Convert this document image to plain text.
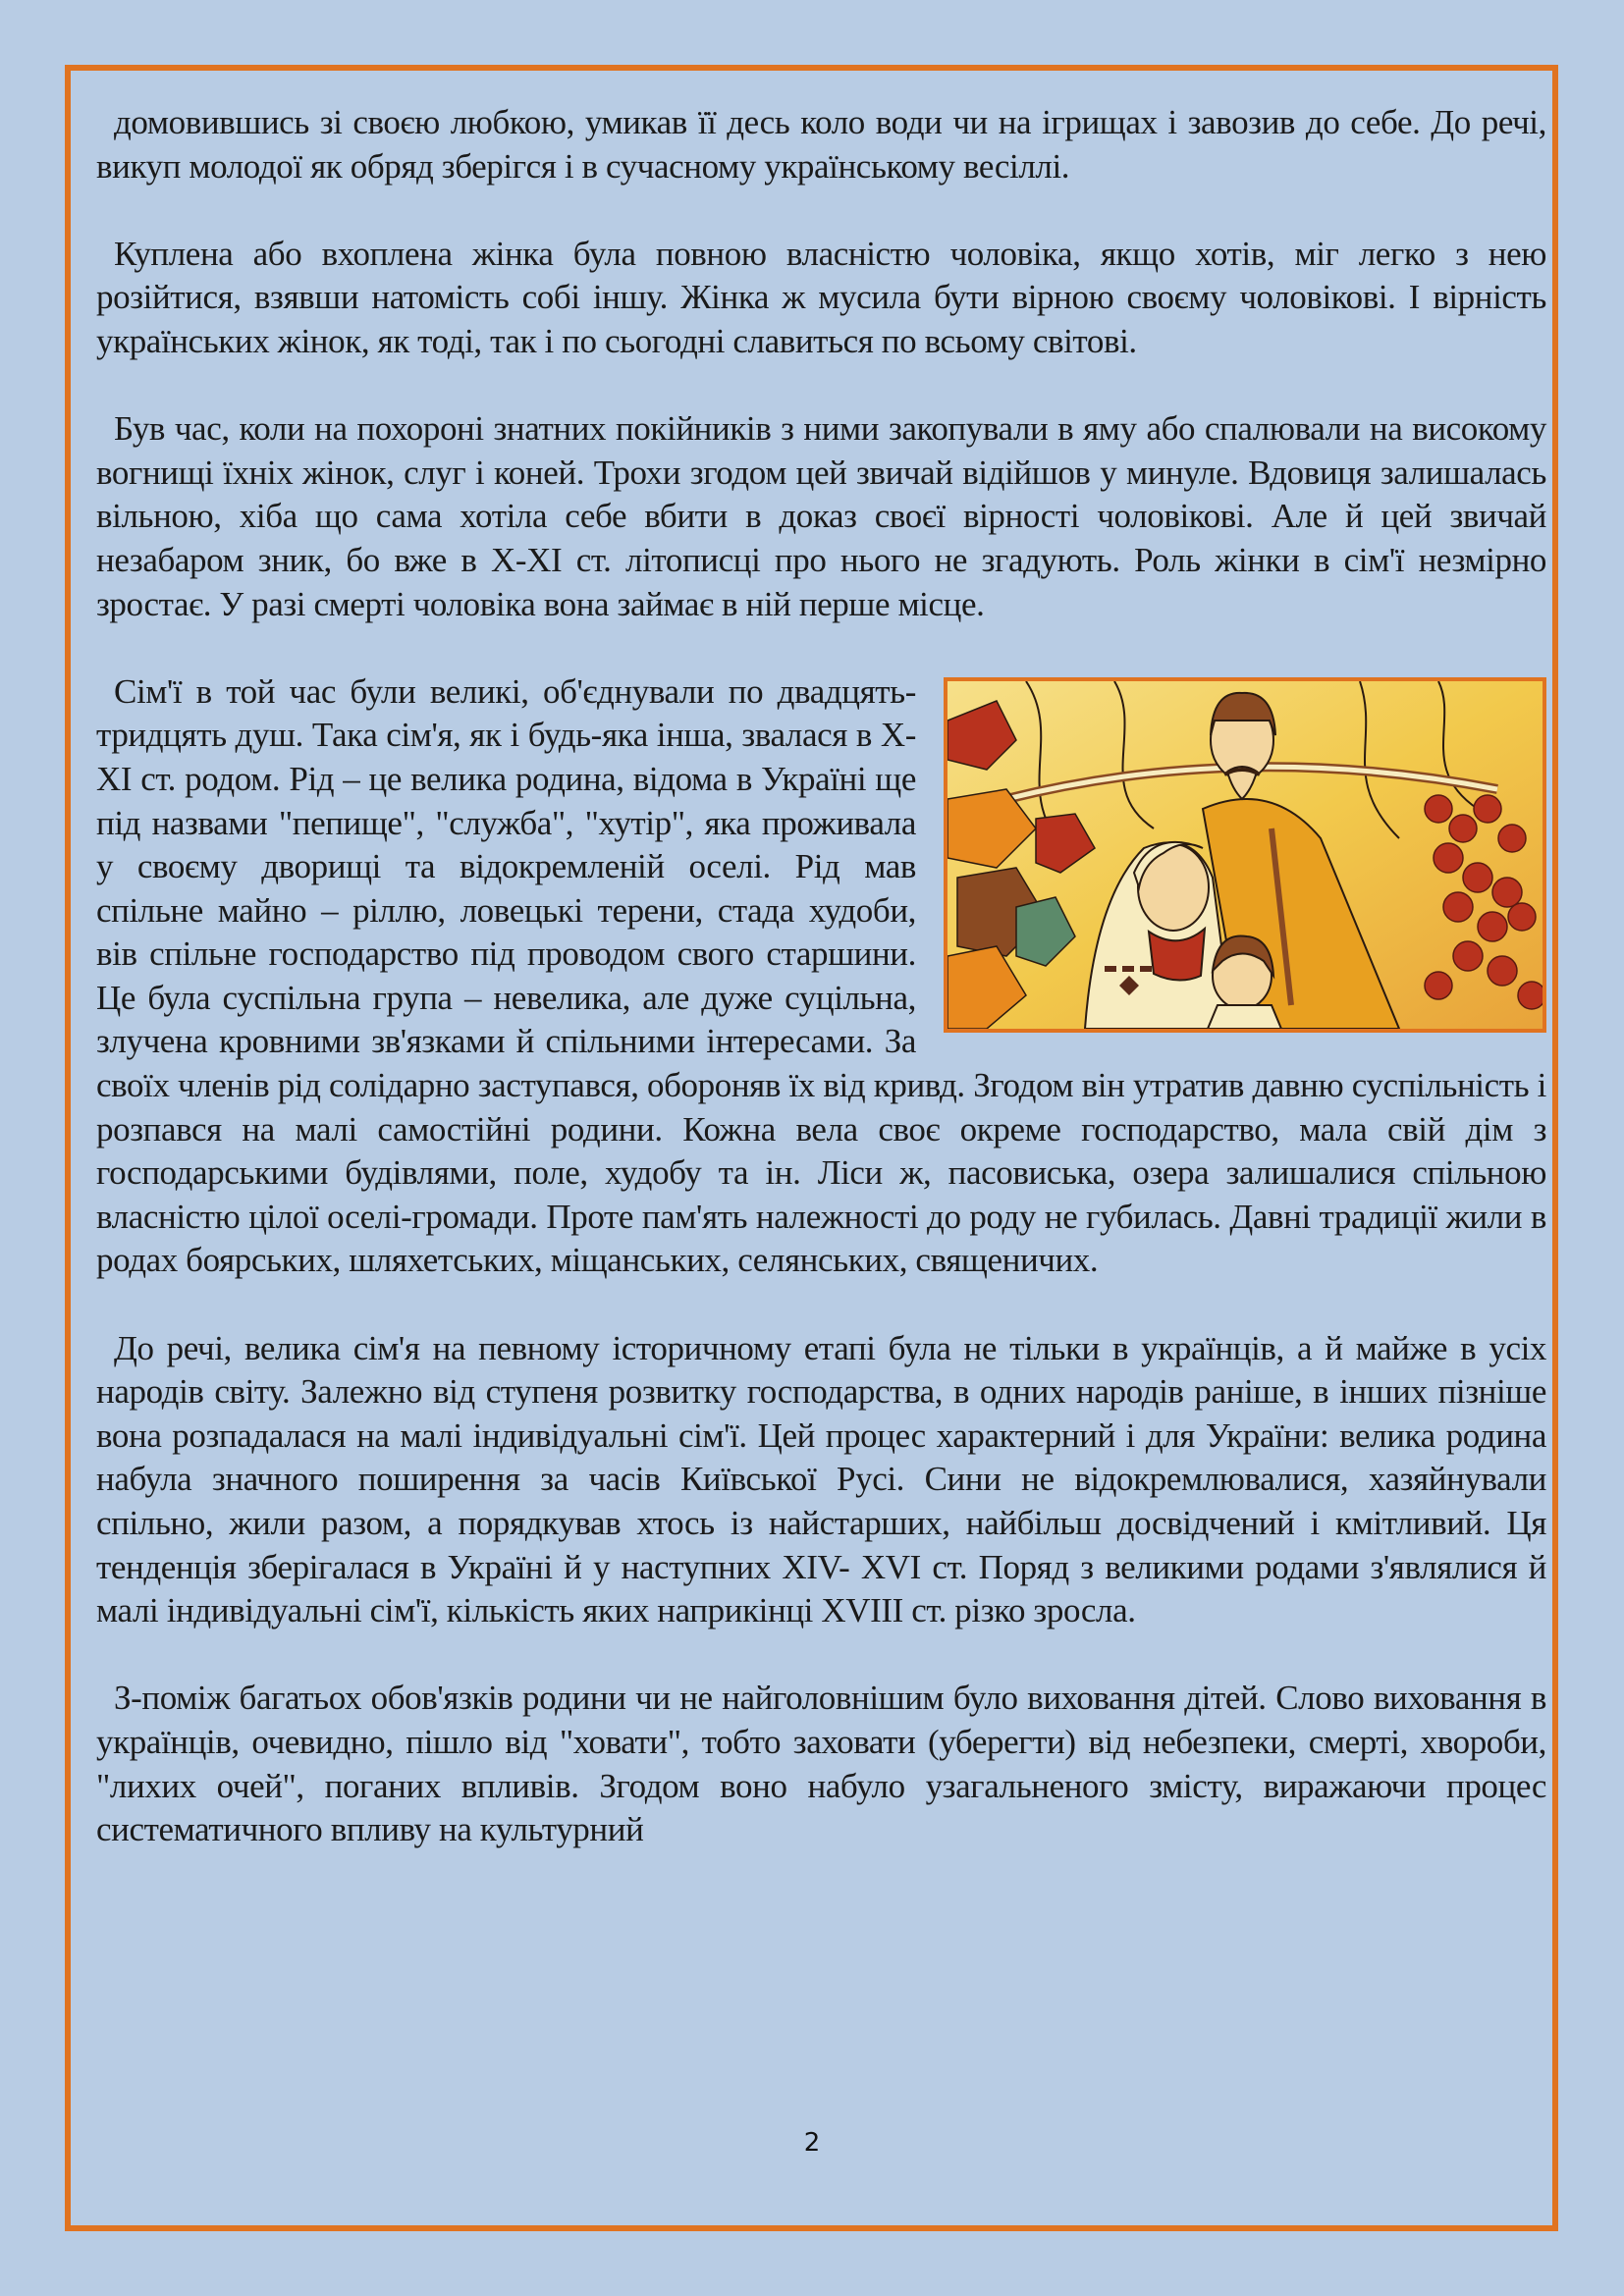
домовившись зі своєю любкою, умикав її десь коло води чи на ігрищах і завозив до себе. До речі, викуп молодої як обряд зберігся і в сучасному українському весіллі.

Куплена або вхоплена жінка була повною власністю чоловіка, якщо хотів, міг легко з нею розійтися, взявши натомість собі іншу. Жінка ж мусила бути вірною своєму чоловікові. І вірність українських жінок, як тоді, так і по сьогодні славиться по всьому світові.

Був час, коли на похороні знатних покійників з ними закопували в яму або спалювали на високому вогнищі їхніх жінок, слуг і коней. Трохи згодом цей звичай відійшов у минуле. Вдовиця залишалась вільною, хіба що сама хотіла себе вбити в доказ своєї вірності чоловікові. Але й цей звичай незабаром зник, бо вже в X-XI ст. літописці про нього не згадують. Роль жінки в сім'ї незмірно зростає. У разі смерті чоловіка вона займає в ній перше місце.

Сім'ї в той час були великі, об'єднували по двадцять-тридцять душ. Така сім'я, як і будь-яка інша, звалася в X-XI ст. родом. Рід – це велика родина, відома в Україні ще під назвами "пепище", "служба", "хутір", яка проживала у своєму дворищі та відокремленій оселі. Рід мав спільне майно – ріллю, ловецькі терени, стада худоби, вів спільне господарство під проводом свого старшини. Це була суспільна група – невелика, але дуже суцільна, злучена кровними зв'язками й спільними інтересами. За своїх членів рід солідарно заступався, обороняв їх від кривд. Згодом він утратив давню суспільність і розпався на малі самостійні родини. Кожна вела своє окреме господарство, мала свій дім з господарськими будівлями, поле, худобу та ін. Ліси ж, пасовиська, озера залишалися спільною власністю цілої оселі-громади. Проте пам'ять належності до роду не губилась. Давні традиції жили в родах боярських, шляхетських, міщанських, селянських, священичих.

До речі, велика сім'я на певному історичному етапі була не тільки в українців, а й майже в усіх народів світу. Залежно від ступеня розвитку господарства, в одних народів раніше, в інших пізніше вона розпадалася на малі індивідуальні сім'ї. Цей процес характерний і для України: велика родина набула значного поширення за часів Київської Русі. Сини не відокремлювалися, хазяйнували спільно, жили разом, а порядкував хтось із найстарших, найбільш досвідчений і кмітливий. Ця тенденція зберігалася в Україні й у наступних XIV- XVI ст. Поряд з великими родами з'являлися й малі індивідуальні сім'ї, кількість яких наприкінці XVIII ст. різко зросла.

З-поміж багатьох обов'язків родини чи не найголовнішим було виховання дітей. Слово виховання в українців, очевидно, пішло від "ховати", тобто заховати (уберегти) від небезпеки, смерті, хвороби, "лихих очей", поганих впливів. Згодом воно набуло узагальненого змісту, виражаючи процес систематичного впливу на культурний

2
